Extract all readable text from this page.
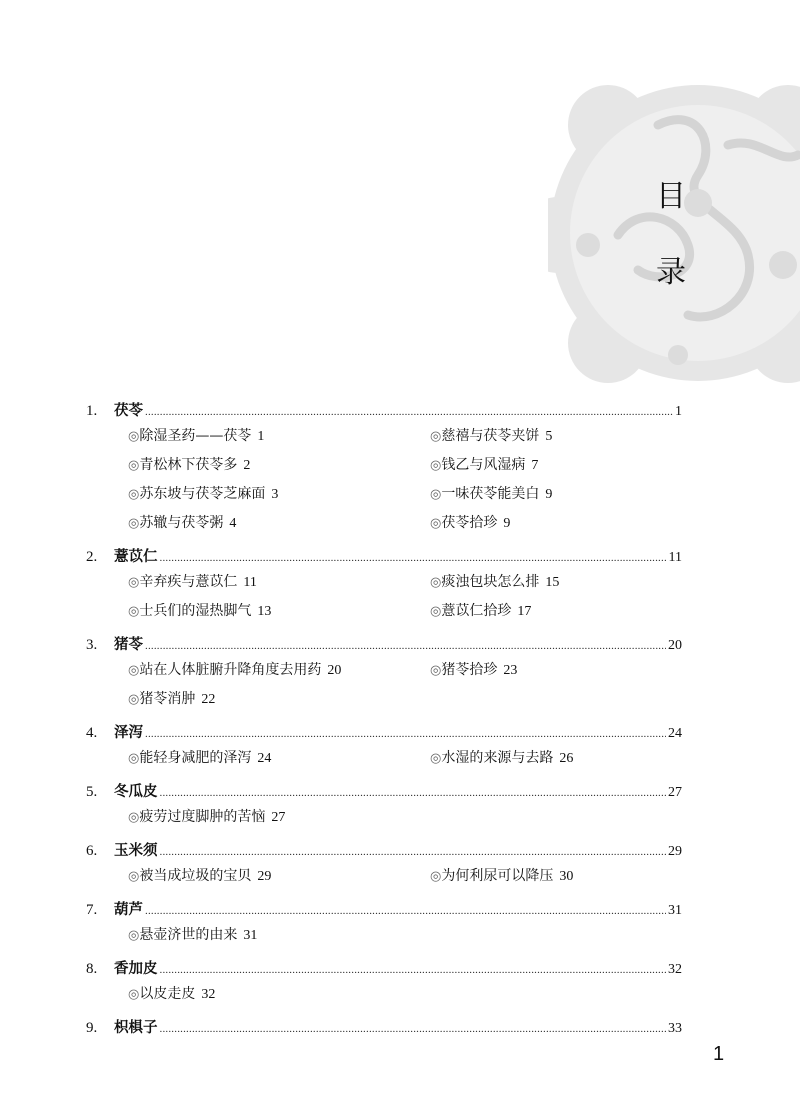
目
录
1.	茯苓 .....	1
◎除湿圣药——茯苓 1	◎慈禧与茯苓夹饼 5
◎青松林下茯苓多 2	◎钱乙与风湿病 7
◎苏东坡与茯苓芝麻面 3	◎一味茯苓能美白 9
◎苏辙与茯苓粥 4	◎茯苓拾珍 9
2.	薏苡仁 .....	11
◎辛弃疾与薏苡仁 11	◎痰浊包块怎么排 15
◎士兵们的湿热脚气 13	◎薏苡仁拾珍 17
3.	猪苓 .....	20
◎站在人体脏腑升降角度去用药 20	◎猪苓拾珍 23
◎猪苓消肿 22
4.	泽泻 .....	24
◎能轻身减肥的泽泻 24	◎水湿的来源与去路 26
5.	冬瓜皮 .....	27
◎疲劳过度脚肿的苦恼 27
6.	玉米须 .....	29
◎被当成垃圾的宝贝 29	◎为何利尿可以降压 30
7.	葫芦 .....	31
◎悬壶济世的由来 31
8.	香加皮 .....	32
◎以皮走皮 32
9.	枳椇子 .....	33
1
